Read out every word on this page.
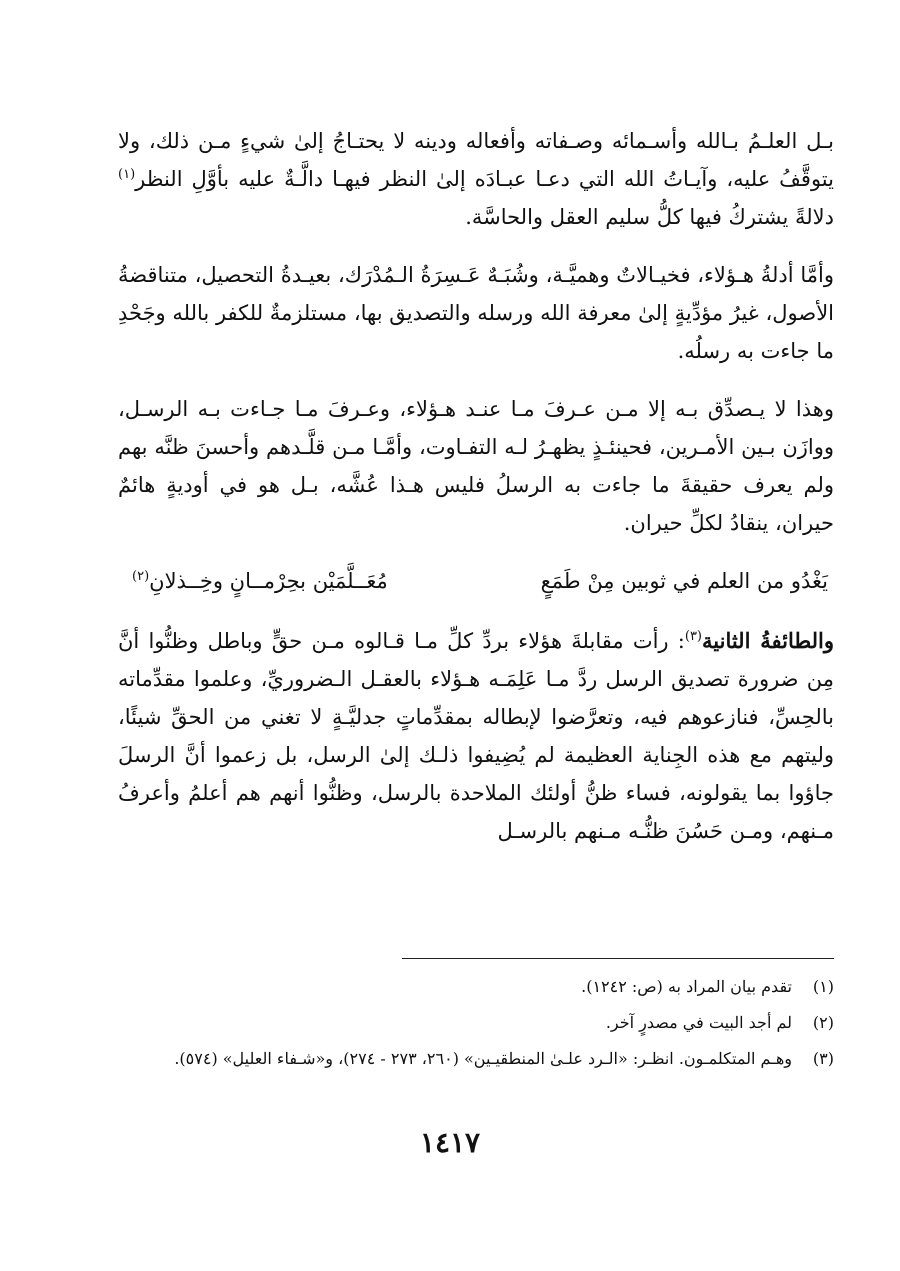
بـل العلـمُ بـالله وأسـمائه وصـفاته وأفعاله ودينه لا يحتـاجُ إلىٰ شيءٍ مـن ذلك، ولا يتوقَّفُ عليه، وآيـاتُ الله التي دعـا عبـادَه إلىٰ النظر فيهـا دالَّـةٌ عليه بأوَّلِ النظر$^{(١)}$ دلالةً يشتركُ فيها كلُّ سليم العقل والحاسَّة.

وأمَّا أدلةُ هـؤلاء، فخيـالاتٌ وهميَّـة، وشُبَـهٌ عَـسِرَةُ الـمُدْرَك، بعيـدةُ التحصيل، متناقضةُ الأصول، غيرُ مؤدِّيةٍ إلىٰ معرفة الله ورسله والتصديق بها، مستلزمةٌ للكفر بالله وجَحْدِ ما جاءت به رسلُه.

وهذا لا يـصدِّق بـه إلا مـن عـرفَ مـا عنـد هـؤلاء، وعـرفَ مـا جـاءت بـه الرسـل، ووازَن بـين الأمـرين، فحينئـذٍ يظهـرُ لـه التفـاوت، وأمَّـا مـن قلَّـدهم وأحسنَ ظنَّه بهم ولم يعرف حقيقةَ ما جاءت به الرسلُ فليس هـذا عُشَّه، بـل هو في أوديةٍ هائمٌ حيران، ينقادُ لكلِّ حيران.

يَغْدُو من العلم في ثوبين مِنْ طَمَعٍ
مُعَــلَّمَيْن بحِرْمــانٍ وخِــذلانِ$^{(٢)}$

والطائفةُ الثانية$^{(٣)}$: رأت مقابلةَ هؤلاء بردِّ كلِّ مـا قـالوه مـن حقٍّ وباطل وظنُّوا أنَّ مِن ضرورة تصديق الرسل ردَّ مـا عَلِمَـه هـؤلاء بالعقـل الـضروريِّ، وعلموا مقدِّماته بالحِسِّ، فنازعوهم فيه، وتعرَّضوا لإبطاله بمقدِّماتٍ جدليَّـةٍ لا تغني من الحقِّ شيئًا، وليتهم مع هذه الجِناية العظيمة لم يُضِيفوا ذلـك إلىٰ الرسل، بل زعموا أنَّ الرسلَ جاؤوا بما يقولونه، فساء ظنُّ أولئك الملاحدة بالرسل، وظنُّوا أنهم هم أعلمُ وأعرفُ مـنهم، ومـن حَسُنَ ظنُّـه مـنهم بالرسـل

(١)
تقدم بيان المراد به (ص: ١٢٤٢).
(٢)
لم أجد البيت في مصدرٍ آخر.
(٣)
وهـم المتكلمـون. انظـر: «الـرد علـىٰ المنطقيـين» (٢٦٠، ٢٧٣ - ٢٧٤)، و«شـفاء العليل» (٥٧٤).
١٤١٧
